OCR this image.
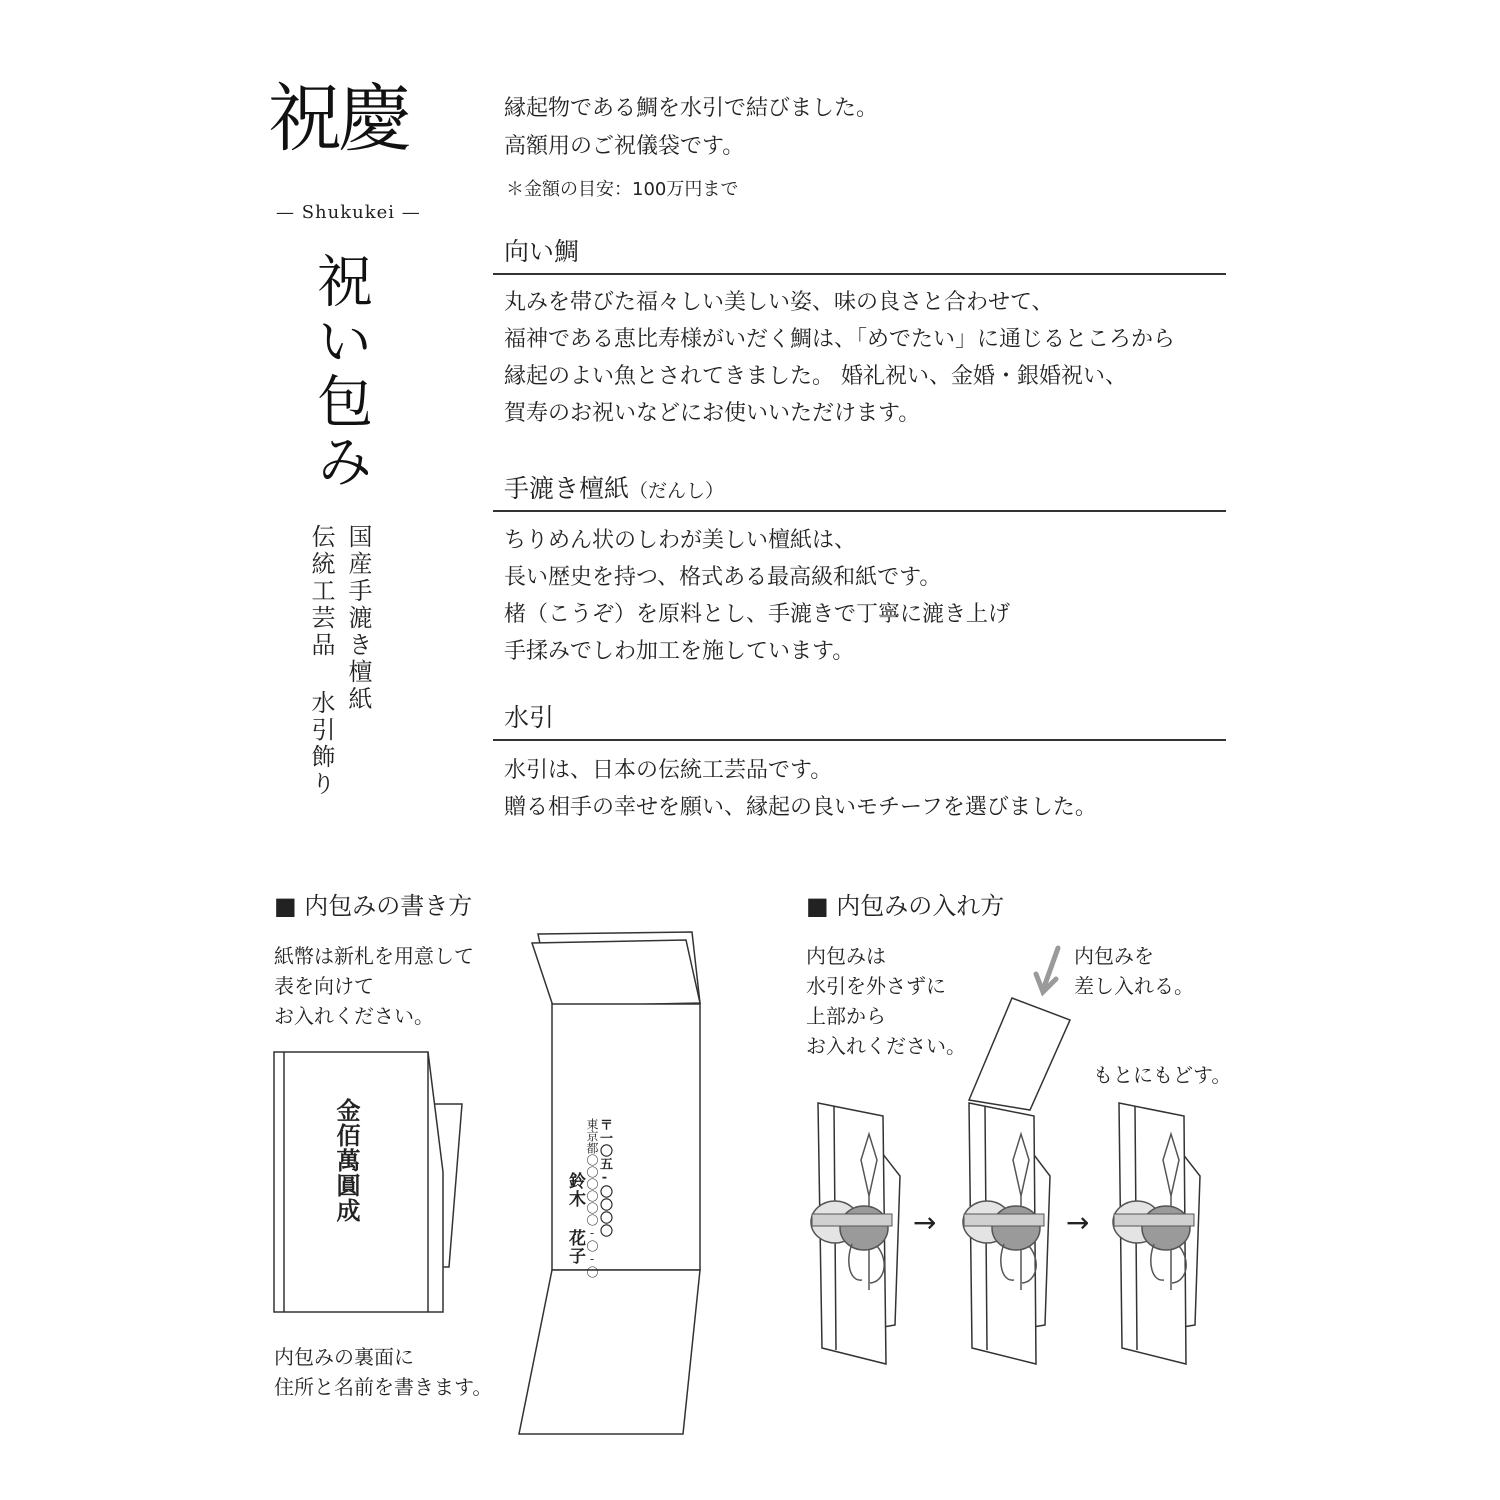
祝慶
— Shukukei —
祝い包み
国産手漉き檀紙
伝統工芸品 水引飾り
縁起物である鯛を水引で結びました。
高額用のご祝儀袋です。
＊金額の目安：100万円まで
向い鯛
丸みを帯びた福々しい美しい姿、味の良さと合わせて、
福神である恵比寿様がいだく鯛は、「めでたい」に通じるところから
縁起のよい魚とされてきました。 婚礼祝い、金婚・銀婚祝い、
賀寿のお祝いなどにお使いいただけます。
手漉き檀紙（だんし）
ちりめん状のしわが美しい檀紙は、
長い歴史を持つ、格式ある最高級和紙です。
楮（こうぞ）を原料とし、手漉きで丁寧に漉き上げ
手揉みでしわ加工を施しています。
水引
水引は、日本の伝統工芸品です。
贈る相手の幸せを願い、縁起の良いモチーフを選びました。
■ 内包みの書き方
紙幣は新札を用意して
表を向けて
お入れください。
金佰萬圓成	〒一〇五-〇〇〇〇
東京都〇〇〇〇〇〇-〇-〇
鈴木 花子
内包みの裏面に
住所と名前を書きます。
■ 内包みの入れ方
内包みは
水引を外さずに
上部から
お入れください。
内包みを
差し入れる。
もとにもどす。
→	→
